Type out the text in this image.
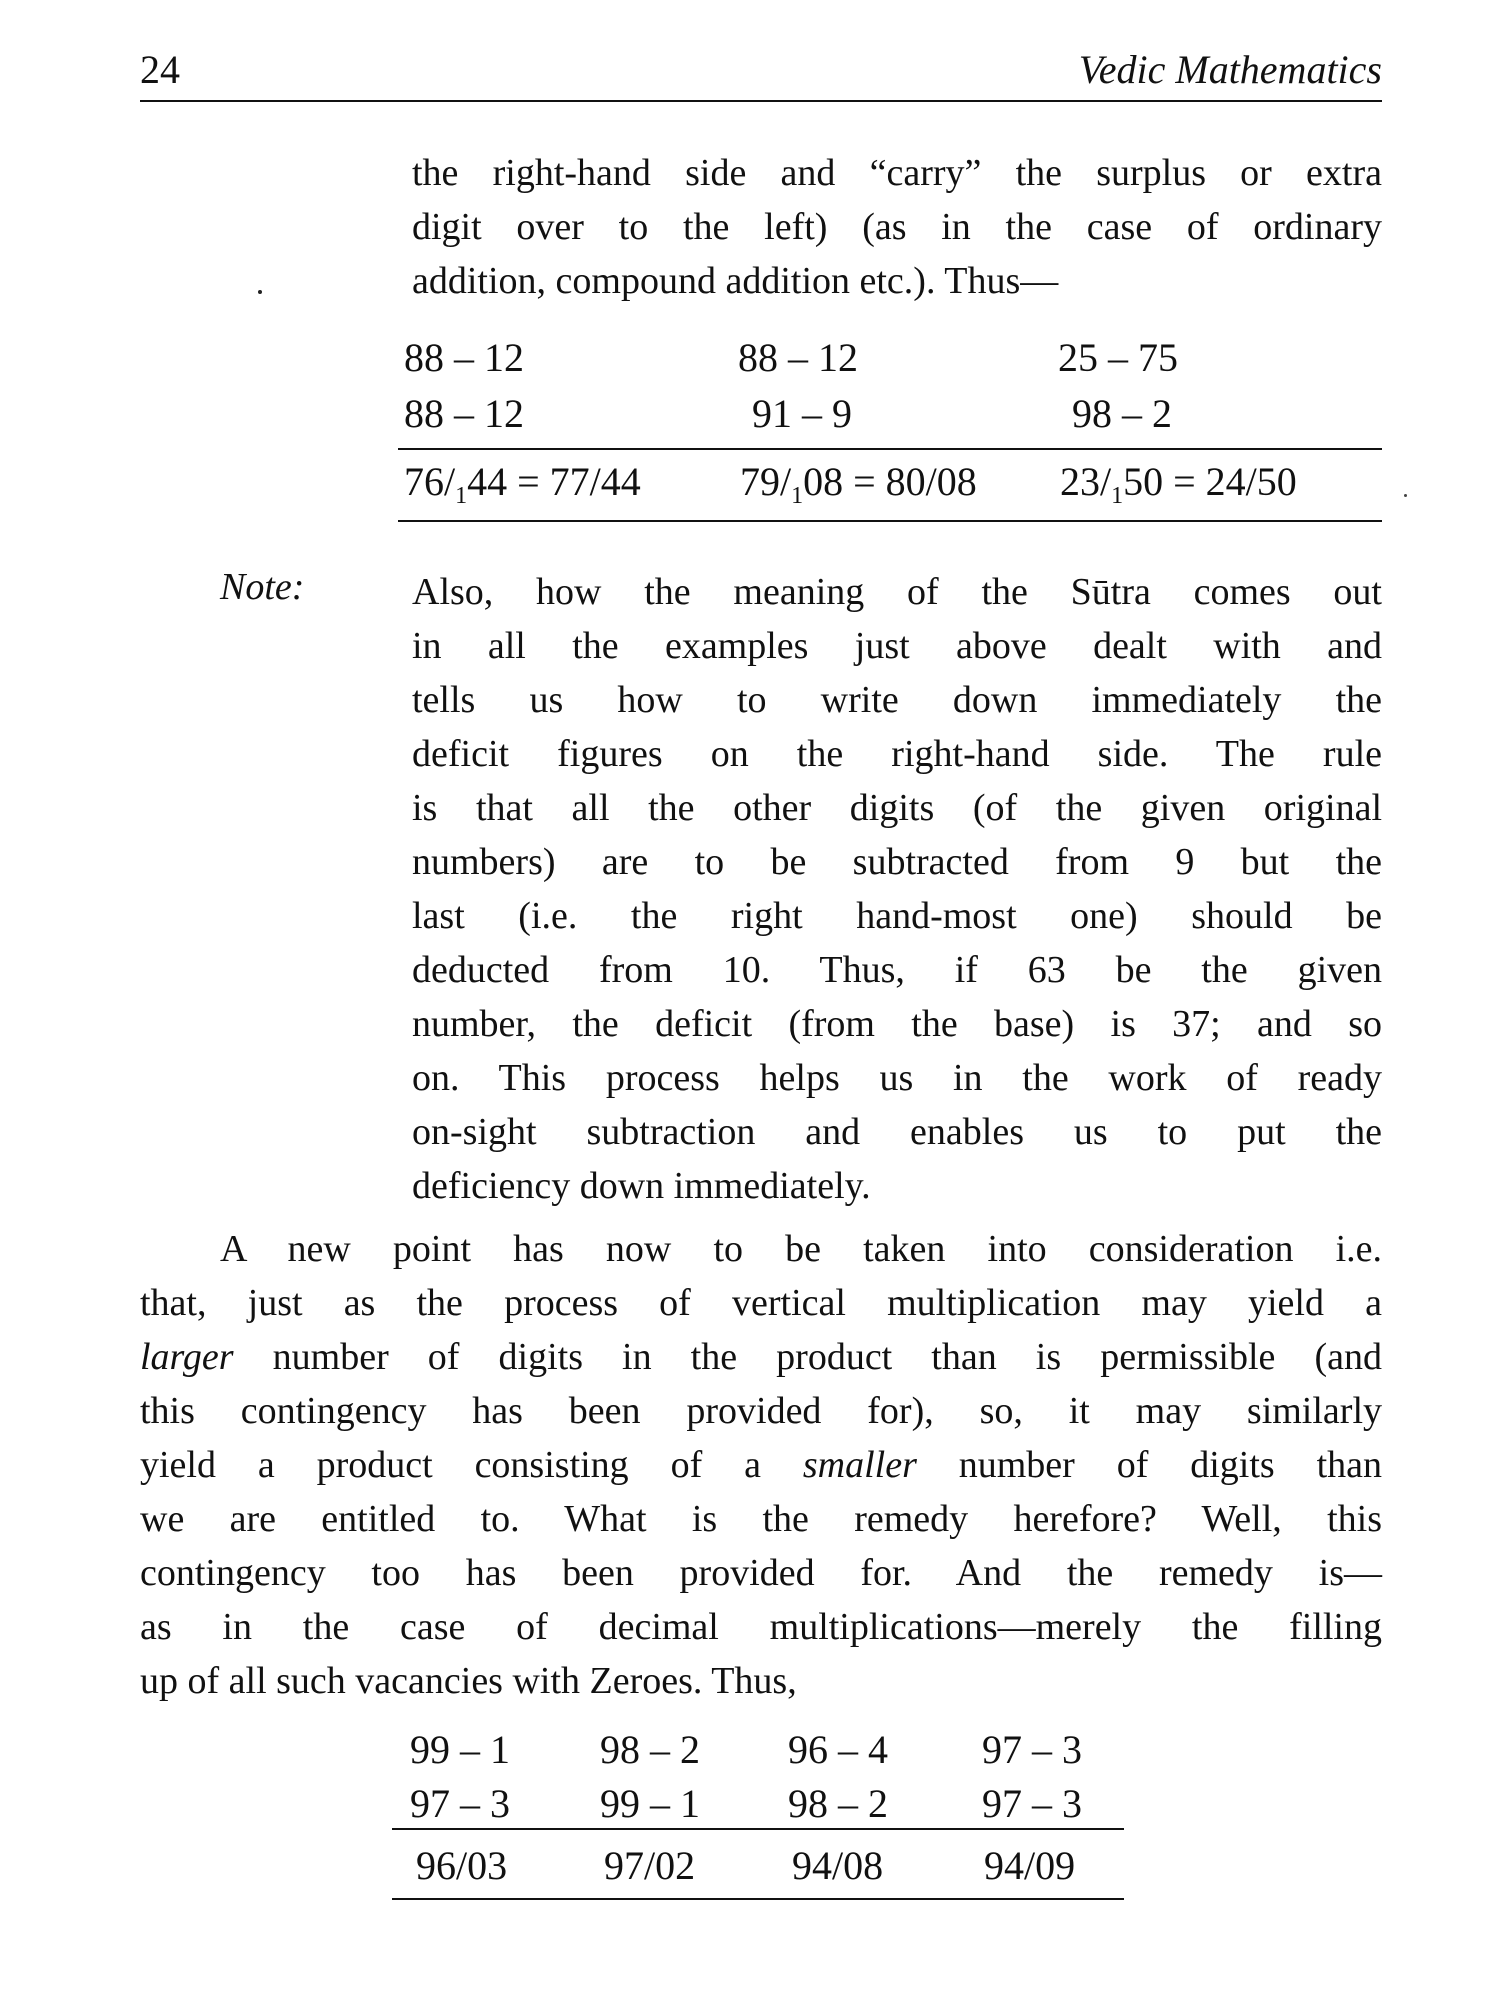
24	Vedic Mathematics
the right-hand side and “carry” the surplus or extra
digit over to the left) (as in the case of ordinary
addition, compound addition etc.). Thus—
88 – 12	88 – 12	25 – 75
88 – 12	91 – 9	98 – 2
$76/_144 = 77/44$ $79/_108 = 80/08$ $23/_150 = 24/50$
Note:	Also, how the meaning of the Sūtra comes out
in all the examples just above dealt with and
tells us how to write down immediately the
deficit figures on the right-hand side. The rule
is that all the other digits (of the given original
numbers) are to be subtracted from 9 but the
last (i.e. the right hand-most one) should be
deducted from 10. Thus, if 63 be the given
number, the deficit (from the base) is 37; and so
on. This process helps us in the work of ready
on-sight subtraction and enables us to put the
deficiency down immediately.
A new point has now to be taken into consideration i.e.
that, just as the process of vertical multiplication may yield a
larger number of digits in the product than is permissible (and
this contingency has been provided for), so, it may similarly
yield a product consisting of a smaller number of digits than
we are entitled to. What is the remedy herefore? Well, this
contingency too has been provided for. And the remedy is—
as in the case of decimal multiplications—merely the filling
up of all such vacancies with Zeroes. Thus,
99 – 1 98 – 2 96 – 4 97 – 3
97 – 3 99 – 1 98 – 2 97 – 3
96/03 97/02 94/08	94/09
